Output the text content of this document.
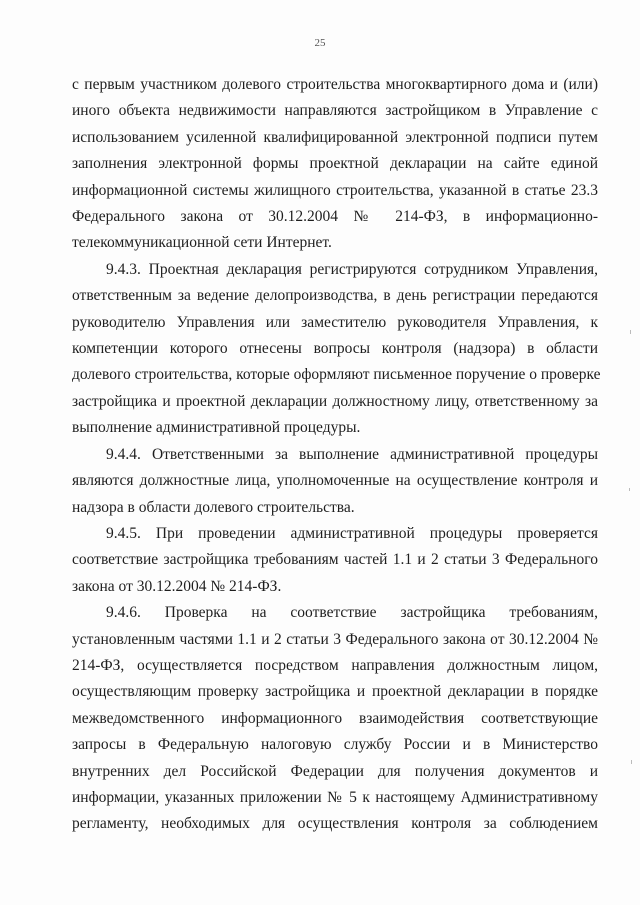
25
с первым участником долевого строительства многоквартирного дома и (или)
иного объекта недвижимости направляются застройщиком в Управление с
использованием усиленной квалифицированной электронной подписи путем
заполнения электронной формы проектной декларации на сайте единой
информационной системы жилищного строительства, указанной в статье 23.3
Федерального закона от 30.12.2004 № 214-ФЗ, в информационно-
телекоммуникационной сети Интернет.
9.4.3. Проектная декларация регистрируются сотрудником Управления,
ответственным за ведение делопроизводства, в день регистрации передаются
руководителю Управления или заместителю руководителя Управления, к
компетенции которого отнесены вопросы контроля (надзора) в области
долевого строительства, которые оформляют письменное поручение о проверке
застройщика и проектной декларации должностному лицу, ответственному за
выполнение административной процедуры.
9.4.4. Ответственными за выполнение административной процедуры
являются должностные лица, уполномоченные на осуществление контроля и
надзора в области долевого строительства.
9.4.5. При проведении административной процедуры проверяется
соответствие застройщика требованиям частей 1.1 и 2 статьи 3 Федерального
закона от 30.12.2004 № 214-ФЗ.
9.4.6. Проверка на соответствие застройщика требованиям,
установленным частями 1.1 и 2 статьи 3 Федерального закона от 30.12.2004 №
214-ФЗ, осуществляется посредством направления должностным лицом,
осуществляющим проверку застройщика и проектной декларации в порядке
межведомственного информационного взаимодействия соответствующие
запросы в Федеральную налоговую службу России и в Министерство
внутренних дел Российской Федерации для получения документов и
информации, указанных приложении № 5 к настоящему Административному
регламенту, необходимых для осуществления контроля за соблюдением
